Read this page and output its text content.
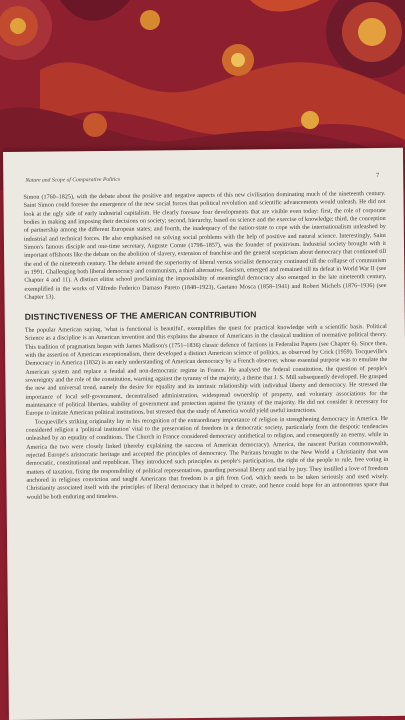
Nature and Scope of Comparative Politics
7

Simon (1760–1825), with the debate about the positive and negative aspects of this new civilisation dominating much of the nineteenth century. Saint Simon could foresee the emergence of the new social forces that political revolution and scientific advancements would unleash. He did not look at the ugly side of early industrial capitalism. He clearly foresaw four developments that are visible even today: first, the role of corporate bodies in making and imposing their decisions on society; second, hierarchy, based on science and the exercise of knowledge; third, the conception of partnership among the different European states; and fourth, the inadequacy of the nation-state to cope with the internationalism unleashed by industrial and technical forces. He also emphasised on solving social problems with the help of positive and natural science. Interestingly, Saint Simon's famous disciple and one-time secretary, Auguste Comte (1798–1857), was the founder of positivism. Industrial society brought with it important offshoots like the debate on the abolition of slavery, extension of franchise and the general scepticism about democracy that continued till the end of the nineteenth century. The debate around the superiority of liberal versus socialist democracy continued till the collapse of communism in 1991. Challenging both liberal democracy and communism, a third alternative, fascism, emerged and remained till its defeat in World War II (see Chapter 4 and 11). A distinct elitist school proclaiming the impossibility of meaningful democracy also emerged in the late nineteenth century, exemplified in the works of Vilfredo Federico Damaso Pareto (1848–1923), Gaetano Mosca (1858–1941) and Robert Michels (1876–1936) (see Chapter 13).

DISTINCTIVENESS OF THE AMERICAN CONTRIBUTION

The popular American saying, 'what is functional is beautiful', exemplifies the quest for practical knowledge with a scientific basis. Political Science as a discipline is an American invention and this explains the absence of Americans in the classical tradition of normative political theory. This tradition of pragmatism began with James Madison's (1751–1836) classic defence of factions in Federalist Papers (see Chapter 6). Since then, with the assertion of American exceptionalism, there developed a distinct American science of politics, as observed by Crick (1959). Tocqueville's Democracy in America (1832) is an early understanding of American democracy by a French observer, whose essential purpose was to emulate the American system and replace a feudal and non-democratic regime in France. He analysed the federal constitution, the question of people's sovereignty and the role of the constitution, warning against the tyranny of the majority, a theme that J. S. Mill subsequently developed. He grasped the new and universal trend, namely the desire for equality and its intrinsic relationship with individual liberty and democracy. He stressed the importance of local self-government, decentralised administration, widespread ownership of property, and voluntary associations for the maintenance of political liberties, stability of government and protection against the tyranny of the majority. He did not consider it necessary for Europe to imitate American political institutions, but stressed that the study of America would yield useful instructions.

Tocqueville's striking originality lay in his recognition of the extraordinary importance of religion in strengthening democracy in America. He considered religion a 'political institution' vital to the preservation of freedom in a democratic society, particularly from the despotic tendencies unleashed by an equality of conditions. The Church in France considered democracy antithetical to religion, and consequently an enemy, while in America the two were closely linked (thereby explaining the success of American democracy). America, the nascent Puritan commonwealth, rejected Europe's aristocratic heritage and accepted the principles of democracy. The Puritans brought to the New World a Christianity that was democratic, constitutional and republican. They introduced such principles as people's participation, the right of the people to rule, free voting in matters of taxation, fixing the responsibility of political representatives, guarding personal liberty and trial by jury. They instilled a love of freedom anchored in religious conviction and taught Americans that freedom is a gift from God, which needs to be taken seriously and used wisely. Christianity associated itself with the principles of liberal democracy that it helped to create, and hence could hope for an autonomous space that would be both enduring and timeless.
